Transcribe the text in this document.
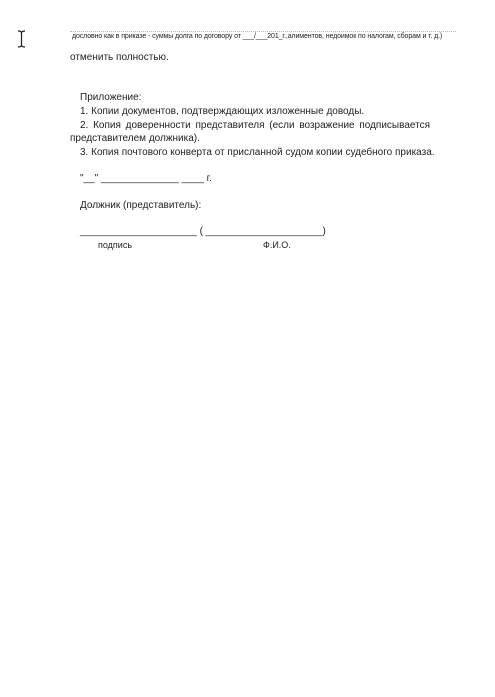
дословно как в приказе - суммы долга по договору от ___/___201_г.,алиментов, недоимок по налогам, сборам и т. д.)
отменить полностью.
Приложение:
1. Копии документов, подтверждающих изложенные доводы.
2. Копия доверенности представителя (если возражение подписывается
представителем должника).
3. Копия почтового конверта от присланной судом копии судебного приказа.
"__" ______________ ____ г.
Должник (представитель):
_____________________ ( _____________________)
подпись	Ф.И.О.
